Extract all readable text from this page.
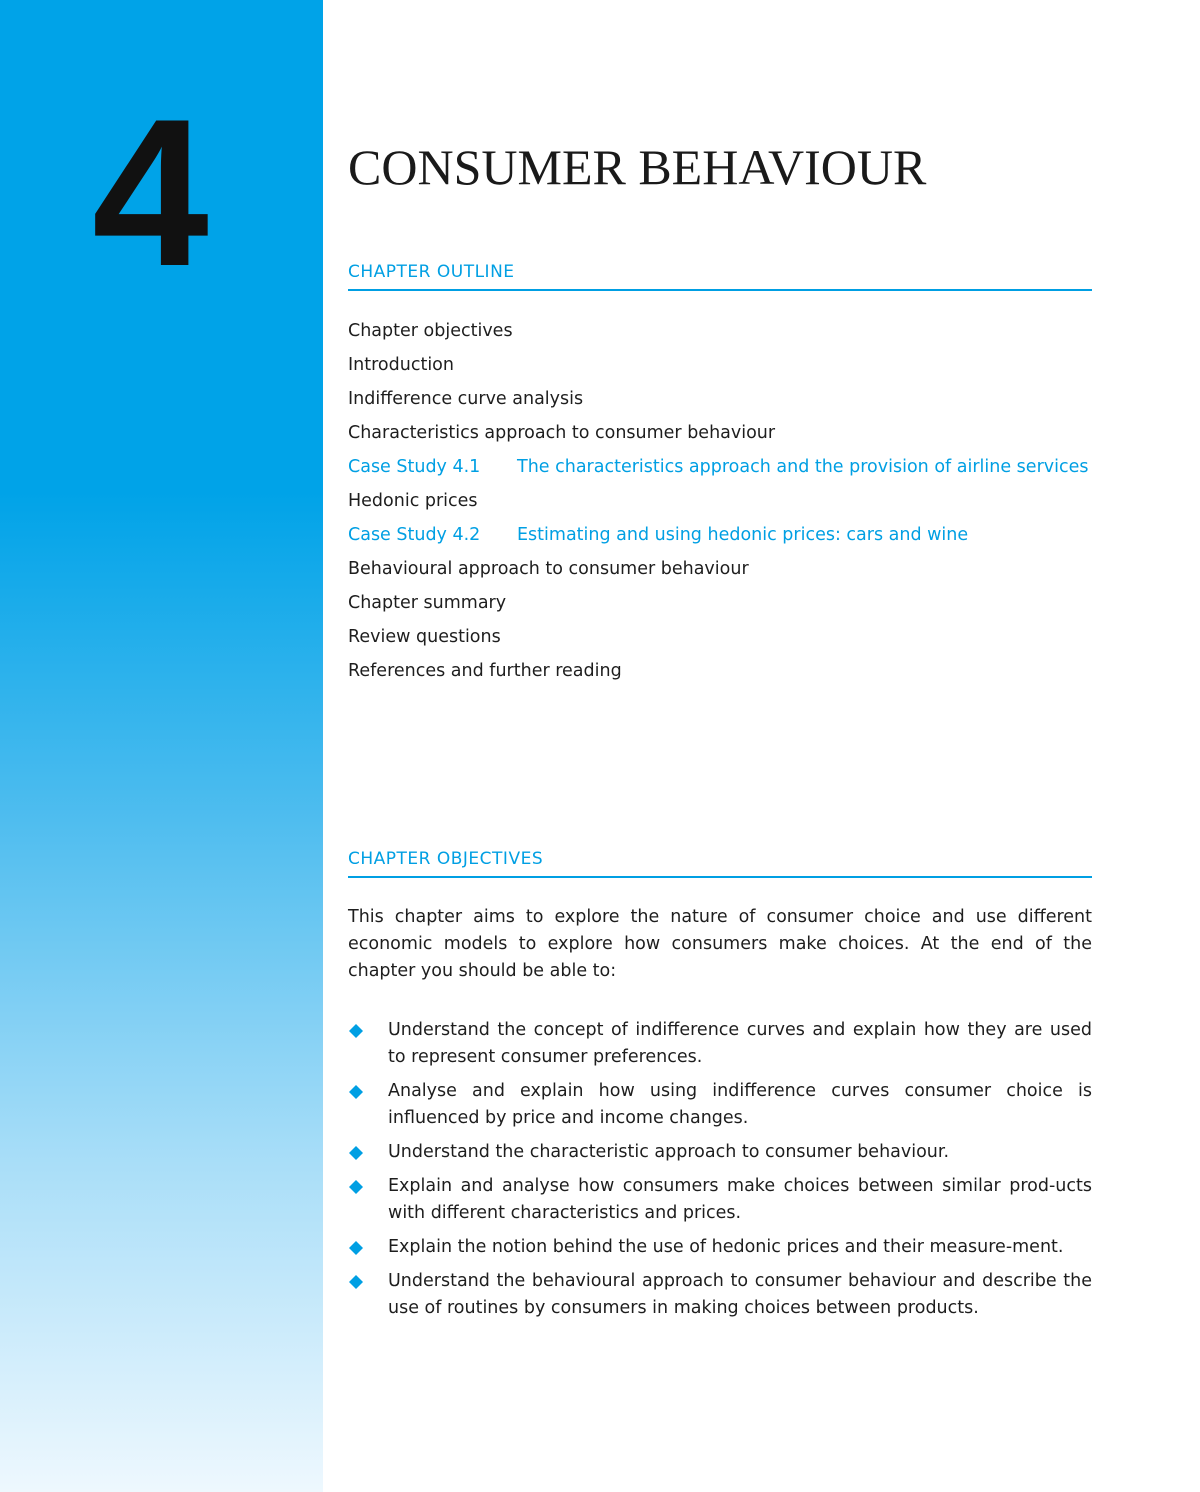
4	CONSUMER BEHAVIOUR
CHAPTER OUTLINE
Chapter objectives
Introduction
Indifference curve analysis
Characteristics approach to consumer behaviour
Case Study 4.1	The characteristics approach and the provision of airline services
Hedonic prices
Case Study 4.2	Estimating and using hedonic prices: cars and wine
Behavioural approach to consumer behaviour
Chapter summary
Review questions
References and further reading
CHAPTER OBJECTIVES

This chapter aims to explore the nature of consumer choice and use different economic models to explore how consumers make choices. At the end of the chapter you should be able to:

Understand the concept of indifference curves and explain how they are used to represent consumer preferences.
Analyse and explain how using indifference curves consumer choice is influenced by price and income changes.
Understand the characteristic approach to consumer behaviour.
Explain and analyse how consumers make choices between similar prod-ucts with different characteristics and prices.
Explain the notion behind the use of hedonic prices and their measure-ment.
Understand the behavioural approach to consumer behaviour and describe the use of routines by consumers in making choices between products.
